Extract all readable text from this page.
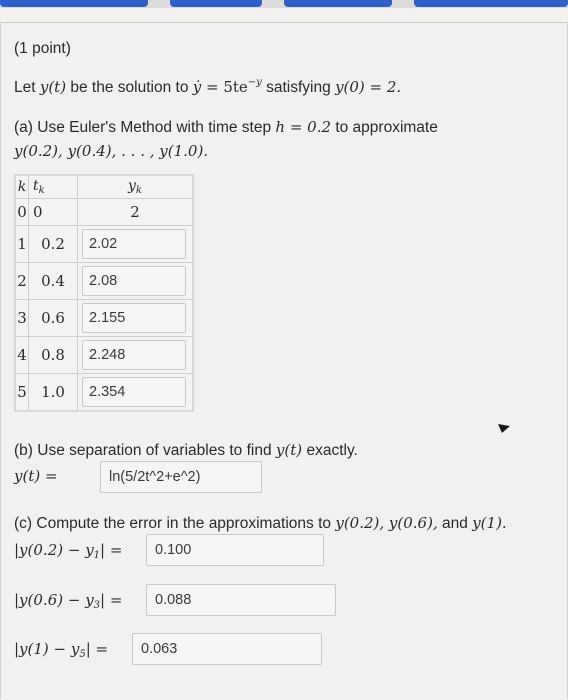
(1 point)
Let y(t) be the solution to ẏ = $5te^{-y}$ satisfying y(0) = 2.
(a) Use Euler's Method with time step h = 0.2 to approximate
y(0.2), y(0.4), . . . , y(1.0).
k	$t_k$	$y_k$
0	0	2
1	0.2	2.02
2	0.4	2.08
3	0.6	2.155
4	0.8	2.248
5	1.0	2.354
(b) Use separation of variables to find y(t) exactly.
y(t) =	ln(5/2t^2+e^2)
(c) Compute the error in the approximations to y(0.2), y(0.6), and y(1).
$|y(0.2) - y_1|$ =	0.100
$|y(0.6) - y_3|$ =	0.088
$|y(1) - y_5|$ =	0.063
